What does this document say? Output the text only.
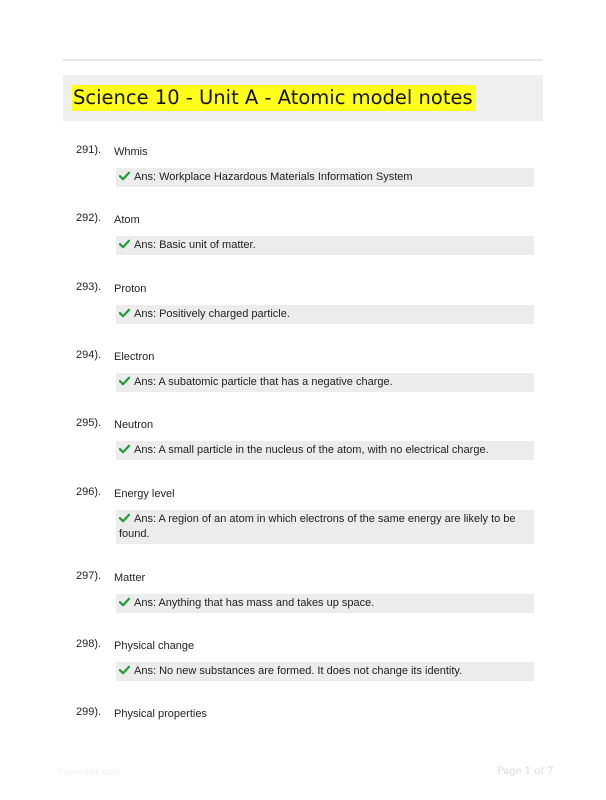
Science 10 - Unit A - Atomic model notes
291). Whmis
Ans: Workplace Hazardous Materials Information System
292). Atom
Ans: Basic unit of matter.
293). Proton
Ans: Positively charged particle.
294). Electron
Ans: A subatomic particle that has a negative charge.
295). Neutron
Ans: A small particle in the nucleus of the atom, with no electrical charge.
296). Energy level
Ans: A region of an atom in which electrons of the same energy are likely to be found.
297). Matter
Ans: Anything that has mass and takes up space.
298). Physical change
Ans: No new substances are formed. It does not change its identity.
299). Physical properties
Paperstitic.com	Page 1 of 7
